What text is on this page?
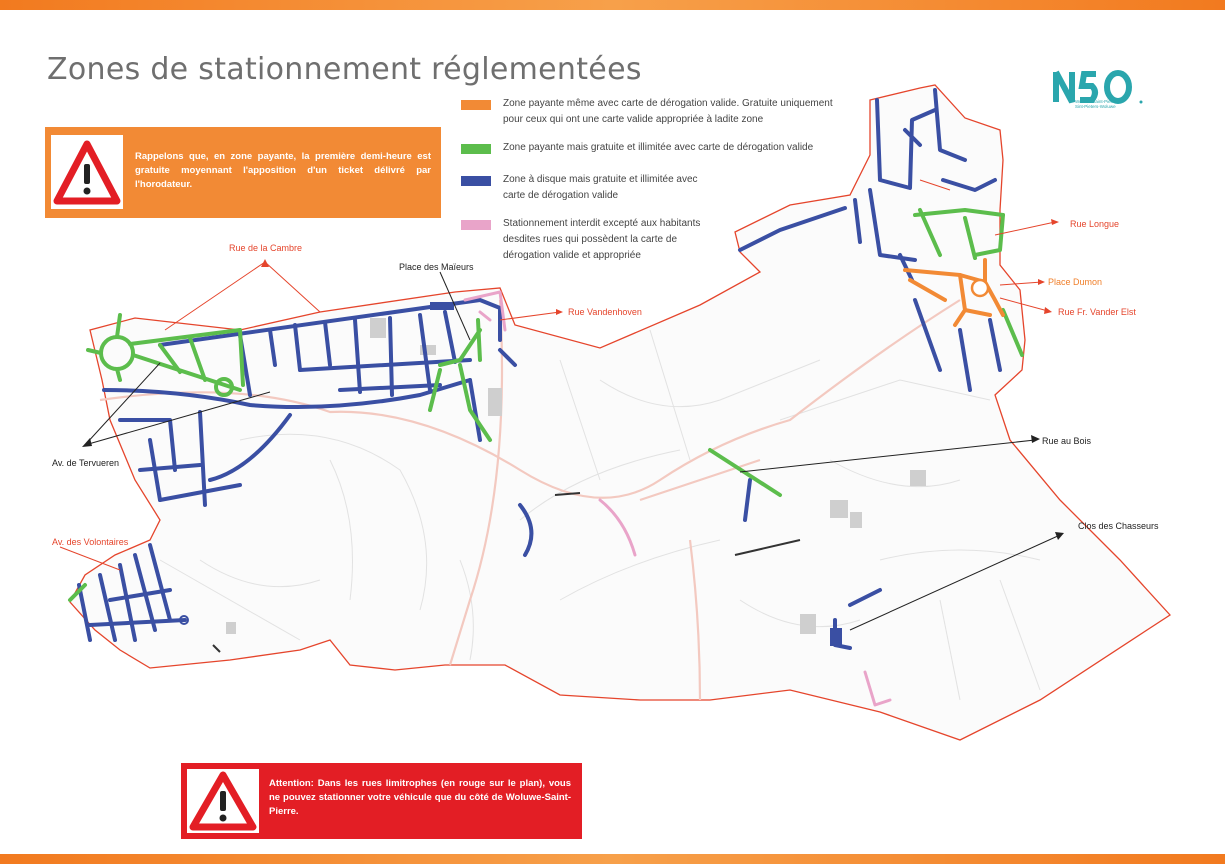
Zones de stationnement réglementées
Woluwe-Saint-Pierre
Sint-Pieters-Woluwe
Zone payante même avec carte de dérogation valide. Gratuite uniquement pour ceux qui ont une carte valide appropriée à ladite zone
Zone payante mais gratuite et illimitée avec carte de dérogation valide
Zone à disque mais gratuite et illimitée avec carte de dérogation valide
Stationnement interdit excepté aux habitants desdites rues qui possèdent la carte de dérogation valide et appropriée
Rappelons que, en zone payante, la première demi-heure est gratuite moyennant l'apposition d'un ticket délivré par l'horodateur.
Attention: Dans les rues limitrophes (en rouge sur le plan), vous ne pouvez stationner votre véhicule que du côté de Woluwe-Saint-Pierre.
Rue de la Cambre
Place des Maïeurs
Rue Vandenhoven
Av. de Tervueren
Av. des Volontaires
Rue Longue
Place Dumon
Rue Fr. Vander Elst
Rue au Bois
Clos des Chasseurs
